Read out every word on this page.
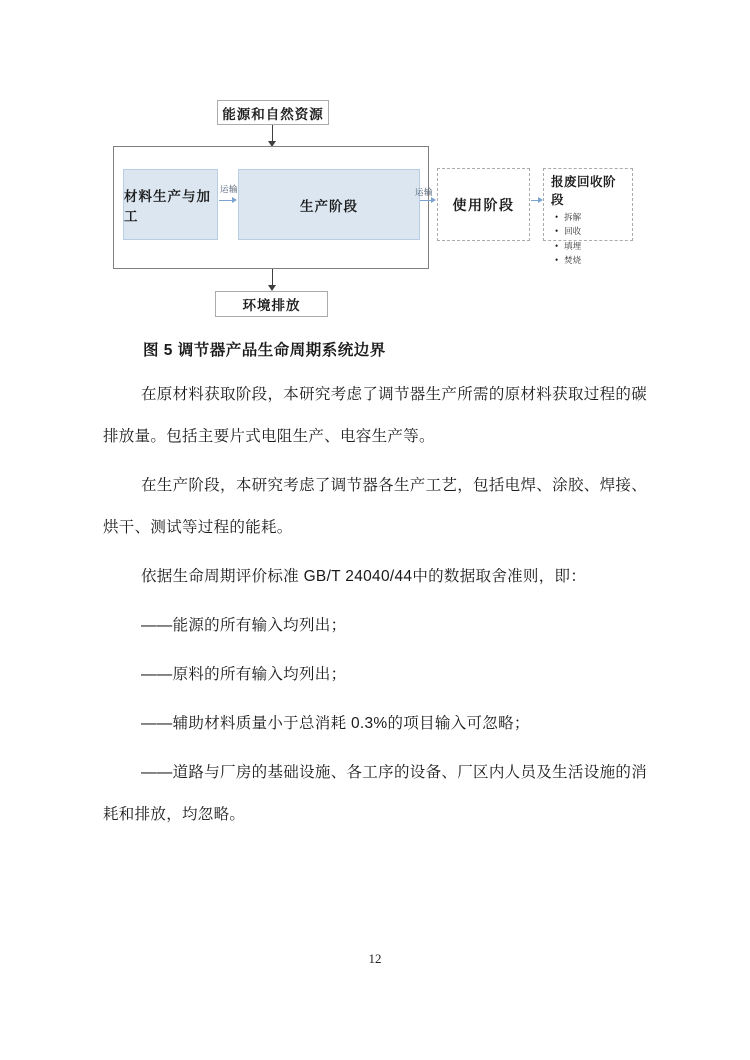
能源和自然资源
材料生产与加工
生产阶段
运输	运输
使用阶段
报废回收阶段
• 拆解
• 回收
• 填埋
• 焚烧
环境排放

图 5 调节器产品生命周期系统边界

在原材料获取阶段，本研究考虑了调节器生产所需的原材料获取过程的碳排放量。包括主要片式电阻生产、电容生产等。

在生产阶段，本研究考虑了调节器各生产工艺，包括电焊、涂胶、焊接、烘干、测试等过程的能耗。

依据生命周期评价标准 GB/T 24040/44中的数据取舍准则，即：

——能源的所有输入均列出；

——原料的所有输入均列出；

——辅助材料质量小于总消耗 0.3%的项目输入可忽略；

——道路与厂房的基础设施、各工序的设备、厂区内人员及生活设施的消耗和排放，均忽略。

12
